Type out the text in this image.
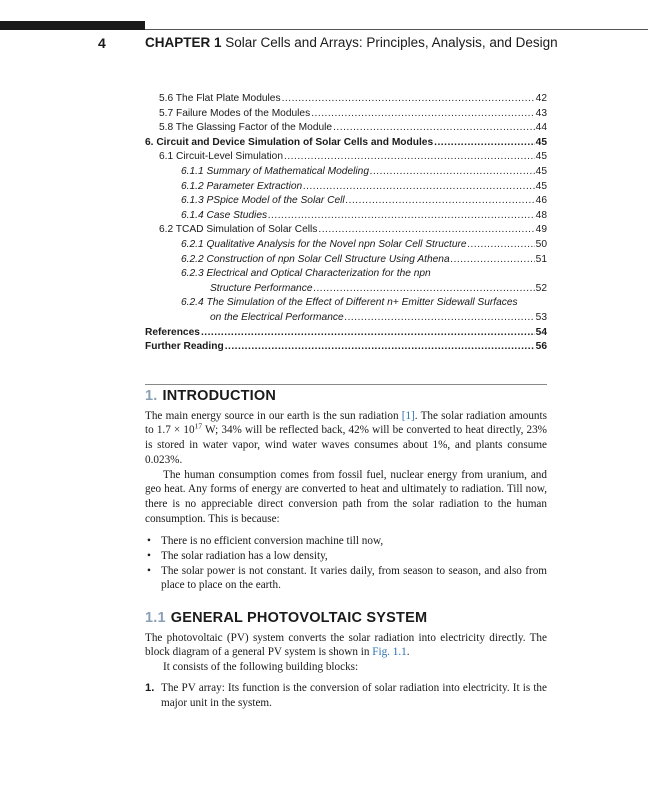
4	CHAPTER 1 Solar Cells and Arrays: Principles, Analysis, and Design
5.6 The Flat Plate Modules .....	42
5.7 Failure Modes of the Modules .....	43
5.8 The Glassing Factor of the Module .....	44
6. Circuit and Device Simulation of Solar Cells and Modules .....	45
6.1 Circuit-Level Simulation .....	45
6.1.1 Summary of Mathematical Modeling .....	45
6.1.2 Parameter Extraction .....	45
6.1.3 PSpice Model of the Solar Cell .....	46
6.1.4 Case Studies .....	48
6.2 TCAD Simulation of Solar Cells .....	49
6.2.1 Qualitative Analysis for the Novel npn Solar Cell Structure .....	50
6.2.2 Construction of npn Solar Cell Structure Using Athena .....	51
6.2.3 Electrical and Optical Characterization for the npn
Structure Performance .....	52
6.2.4 The Simulation of the Effect of Different n+ Emitter Sidewall Surfaces
on the Electrical Performance .....	53
References .....	54
Further Reading .....	56
1. INTRODUCTION

The main energy source in our earth is the sun radiation [1]. The solar radiation amounts to $1.7 \times 10^{17}$ W; 34% will be reflected back, 42% will be converted to heat directly, 23% is stored in water vapor, wind water waves consumes about 1%, and plants consume 0.023%.

The human consumption comes from fossil fuel, nuclear energy from uranium, and geo heat. Any forms of energy are converted to heat and ultimately to radiation. Till now, there is no appreciable direct conversion path from the solar radiation to the human consumption. This is because:

• There is no efficient conversion machine till now,
• The solar radiation has a low density,
• The solar power is not constant. It varies daily, from season to season, and also from place to place on the earth.
1.1 GENERAL PHOTOVOLTAIC SYSTEM

The photovoltaic (PV) system converts the solar radiation into electricity directly. The block diagram of a general PV system is shown in Fig. 1.1.

It consists of the following building blocks:

1. The PV array: Its function is the conversion of solar radiation into electricity. It is the major unit in the system.
